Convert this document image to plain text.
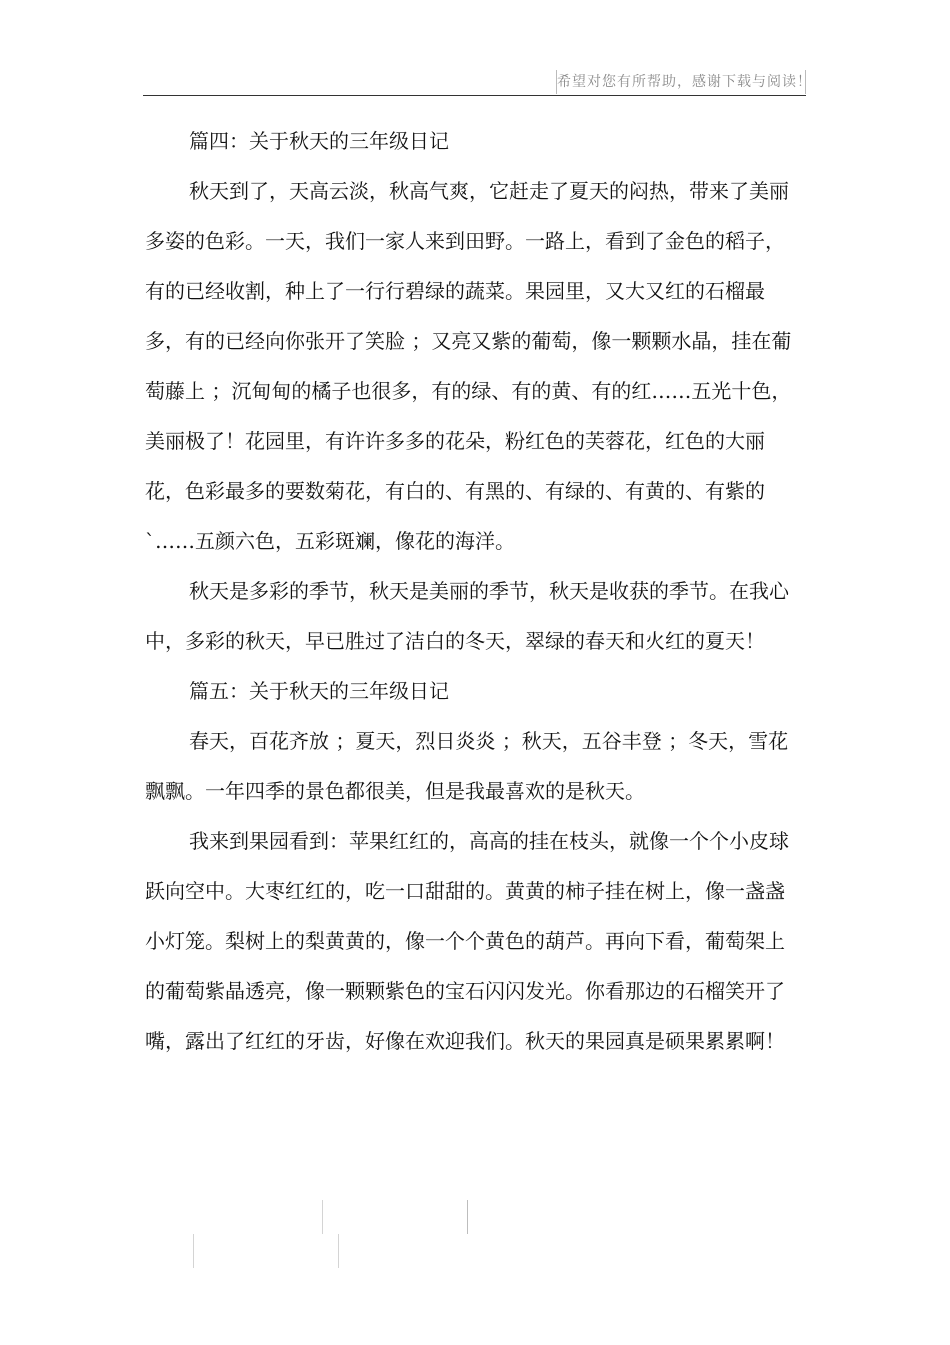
希望对您有所帮助，感谢下载与阅读！

篇四：关于秋天的三年级日记

秋天到了，天高云淡，秋高气爽，它赶走了夏天的闷热，带来了美丽多姿的色彩。一天，我们一家人来到田野。一路上，看到了金色的稻子，有的已经收割，种上了一行行碧绿的蔬菜。果园里，又大又红的石榴最多，有的已经向你张开了笑脸 ；又亮又紫的葡萄，像一颗颗水晶，挂在葡萄藤上 ；沉甸甸的橘子也很多，有的绿、有的黄、有的红……五光十色，美丽极了！花园里，有许许多多的花朵，粉红色的芙蓉花，红色的大丽花，色彩最多的要数菊花，有白的、有黑的、有绿的、有黄的、有紫的 `……五颜六色，五彩斑斓，像花的海洋。

秋天是多彩的季节，秋天是美丽的季节，秋天是收获的季节。在我心中，多彩的秋天，早已胜过了洁白的冬天，翠绿的春天和火红的夏天！

篇五：关于秋天的三年级日记

春天，百花齐放 ；夏天，烈日炎炎 ；秋天，五谷丰登 ；冬天，雪花飘飘。一年四季的景色都很美，但是我最喜欢的是秋天。

我来到果园看到：苹果红红的，高高的挂在枝头，就像一个个小皮球跃向空中。大枣红红的，吃一口甜甜的。黄黄的柿子挂在树上，像一盏盏小灯笼。梨树上的梨黄黄的，像一个个黄色的葫芦。再向下看，葡萄架上的葡萄紫晶透亮，像一颗颗紫色的宝石闪闪发光。你看那边的石榴笑开了嘴，露出了红红的牙齿，好像在欢迎我们。秋天的果园真是硕果累累啊！
